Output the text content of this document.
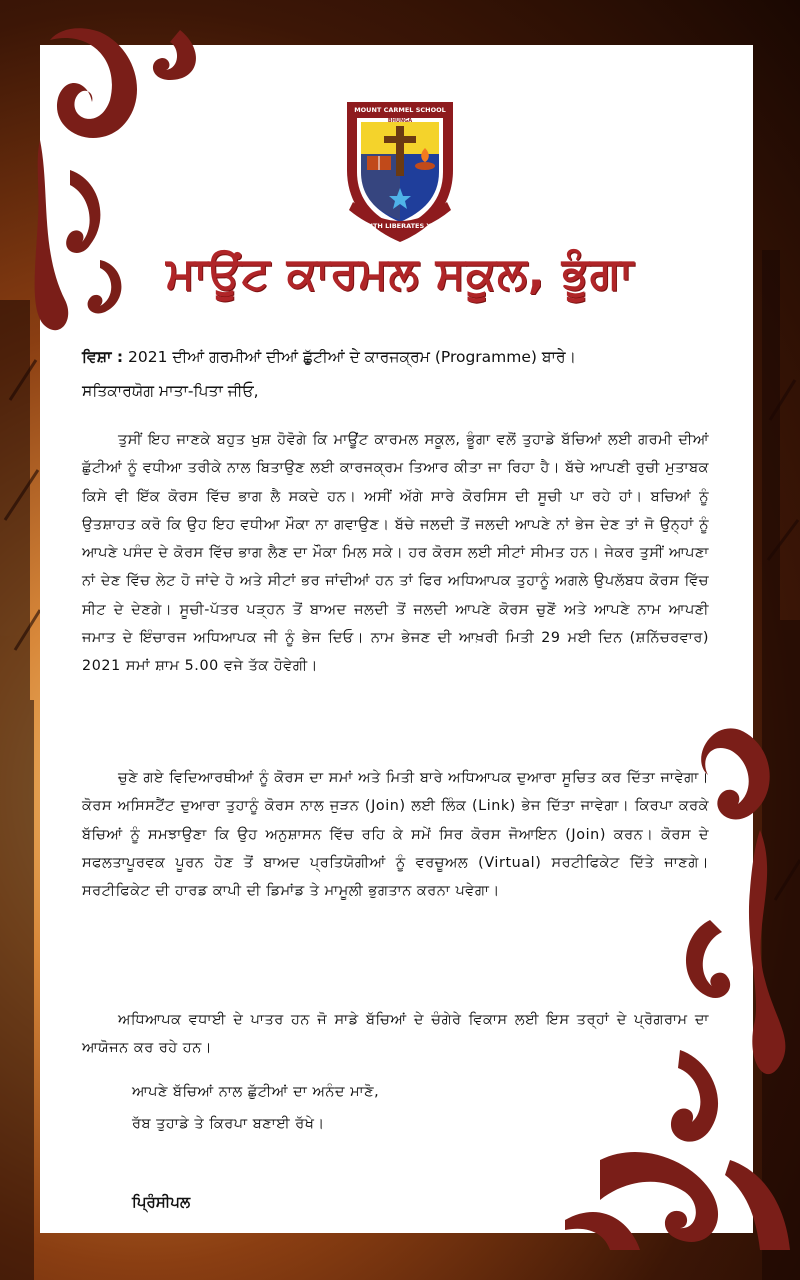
MOUNT CARMEL SCHOOL
BHUNGA
TRUTH LIBERATES YOU
ਮਾਊਂਟ ਕਾਰਮਲ ਸਕੂਲ, ਭੂੰਗਾ
ਵਿਸ਼ਾ : 2021 ਦੀਆਂ ਗਰਮੀਆਂ ਦੀਆਂ ਛੁੱਟੀਆਂ ਦੇ ਕਾਰਜਕ੍ਰਮ (Programme) ਬਾਰੇ।
ਸਤਿਕਾਰਯੋਗ ਮਾਤਾ-ਪਿਤਾ ਜੀਓ,
ਤੁਸੀਂ ਇਹ ਜਾਣਕੇ ਬਹੁਤ ਖੁਸ਼ ਹੋਵੋਗੇ ਕਿ ਮਾਊਂਟ ਕਾਰਮਲ ਸਕੂਲ, ਭੂੰਗਾ ਵਲੋਂ ਤੁਹਾਡੇ ਬੱਚਿਆਂ ਲਈ ਗਰਮੀ ਦੀਆਂ ਛੁੱਟੀਆਂ ਨੂੰ ਵਧੀਆ ਤਰੀਕੇ ਨਾਲ ਬਿਤਾਉਣ ਲਈ ਕਾਰਜਕ੍ਰਮ ਤਿਆਰ ਕੀਤਾ ਜਾ ਰਿਹਾ ਹੈ। ਬੱਚੇ ਆਪਣੀ ਰੁਚੀ ਮੁਤਾਬਕ ਕਿਸੇ ਵੀ ਇੱਕ ਕੋਰਸ ਵਿੱਚ ਭਾਗ ਲੈ ਸਕਦੇ ਹਨ। ਅਸੀਂ ਅੱਗੇ ਸਾਰੇ ਕੋਰਸਿਸ ਦੀ ਸੂਚੀ ਪਾ ਰਹੇ ਹਾਂ। ਬਚਿਆਂ ਨੂੰ ਉਤਸ਼ਾਹਤ ਕਰੋ ਕਿ ਉਹ ਇਹ ਵਧੀਆ ਮੌਕਾ ਨਾ ਗਵਾਉਣ। ਬੱਚੇ ਜਲਦੀ ਤੋਂ ਜਲਦੀ ਆਪਣੇ ਨਾਂ ਭੇਜ ਦੇਣ ਤਾਂ ਜੋ ਉਨ੍ਹਾਂ ਨੂੰ ਆਪਣੇ ਪਸੰਦ ਦੇ ਕੋਰਸ ਵਿੱਚ ਭਾਗ ਲੈਣ ਦਾ ਮੌਕਾ ਮਿਲ ਸਕੇ। ਹਰ ਕੋਰਸ ਲਈ ਸੀਟਾਂ ਸੀਮਤ ਹਨ। ਜੇਕਰ ਤੁਸੀਂ ਆਪਣਾ ਨਾਂ ਦੇਣ ਵਿੱਚ ਲੇਟ ਹੋ ਜਾਂਦੇ ਹੋ ਅਤੇ ਸੀਟਾਂ ਭਰ ਜਾਂਦੀਆਂ ਹਨ ਤਾਂ ਫਿਰ ਅਧਿਆਪਕ ਤੁਹਾਨੂੰ ਅਗਲੇ ਉਪਲੱਬਧ ਕੋਰਸ ਵਿੱਚ ਸੀਟ ਦੇ ਦੇਣਗੇ। ਸੂਚੀ-ਪੱਤਰ ਪੜ੍ਹਨ ਤੋਂ ਬਾਅਦ ਜਲਦੀ ਤੋਂ ਜਲਦੀ ਆਪਣੇ ਕੋਰਸ ਚੁਣੋਂ ਅਤੇ ਆਪਣੇ ਨਾਮ ਆਪਣੀ ਜਮਾਤ ਦੇ ਇੰਚਾਰਜ ਅਧਿਆਪਕ ਜੀ ਨੂੰ ਭੇਜ ਦਿਓ। ਨਾਮ ਭੇਜਣ ਦੀ ਆਖ਼ਰੀ ਮਿਤੀ 29 ਮਈ ਦਿਨ (ਸ਼ਨਿੱਚਰਵਾਰ) 2021 ਸਮਾਂ ਸ਼ਾਮ 5.00 ਵਜੇ ਤੱਕ ਹੋਵੇਗੀ।
ਚੁਣੇ ਗਏ ਵਿਦਿਆਰਥੀਆਂ ਨੂੰ ਕੋਰਸ ਦਾ ਸਮਾਂ ਅਤੇ ਮਿਤੀ ਬਾਰੇ ਅਧਿਆਪਕ ਦੁਆਰਾ ਸੂਚਿਤ ਕਰ ਦਿੱਤਾ ਜਾਵੇਗਾ। ਕੋਰਸ ਅਸਿਸਟੈਂਟ ਦੁਆਰਾ ਤੁਹਾਨੂੰ ਕੋਰਸ ਨਾਲ ਜੁੜਨ (Join) ਲਈ ਲਿੰਕ (Link) ਭੇਜ ਦਿੱਤਾ ਜਾਵੇਗਾ। ਕਿਰਪਾ ਕਰਕੇ ਬੱਚਿਆਂ ਨੂੰ ਸਮਝਾਉਣਾ ਕਿ ਉਹ ਅਨੁਸ਼ਾਸਨ ਵਿੱਚ ਰਹਿ ਕੇ ਸਮੇਂ ਸਿਰ ਕੋਰਸ ਜੋਆਇਨ (Join) ਕਰਨ। ਕੋਰਸ ਦੇ ਸਫਲਤਾਪੂਰਵਕ ਪੂਰਨ ਹੋਣ ਤੋਂ ਬਾਅਦ ਪ੍ਰਤਿਯੋਗੀਆਂ ਨੂੰ ਵਰਚੂਅਲ (Virtual) ਸਰਟੀਫਿਕੇਟ ਦਿੱਤੇ ਜਾਣਗੇ। ਸਰਟੀਫਿਕੇਟ ਦੀ ਹਾਰਡ ਕਾਪੀ ਦੀ ਡਿਮਾਂਡ ਤੇ ਮਾਮੂਲੀ ਭੁਗਤਾਨ ਕਰਨਾ ਪਵੇਗਾ।
ਅਧਿਆਪਕ ਵਧਾਈ ਦੇ ਪਾਤਰ ਹਨ ਜੋ ਸਾਡੇ ਬੱਚਿਆਂ ਦੇ ਚੰਗੇਰੇ ਵਿਕਾਸ ਲਈ ਇਸ ਤਰ੍ਹਾਂ ਦੇ ਪ੍ਰੋਗਰਾਮ ਦਾ ਆਯੋਜਨ ਕਰ ਰਹੇ ਹਨ।
ਆਪਣੇ ਬੱਚਿਆਂ ਨਾਲ ਛੁੱਟੀਆਂ ਦਾ ਅਨੰਦ ਮਾਣੋ,
ਰੱਬ ਤੁਹਾਡੇ ਤੇ ਕਿਰਪਾ ਬਣਾਈ ਰੱਖੇ।
ਪ੍ਰਿੰਸੀਪਲ
